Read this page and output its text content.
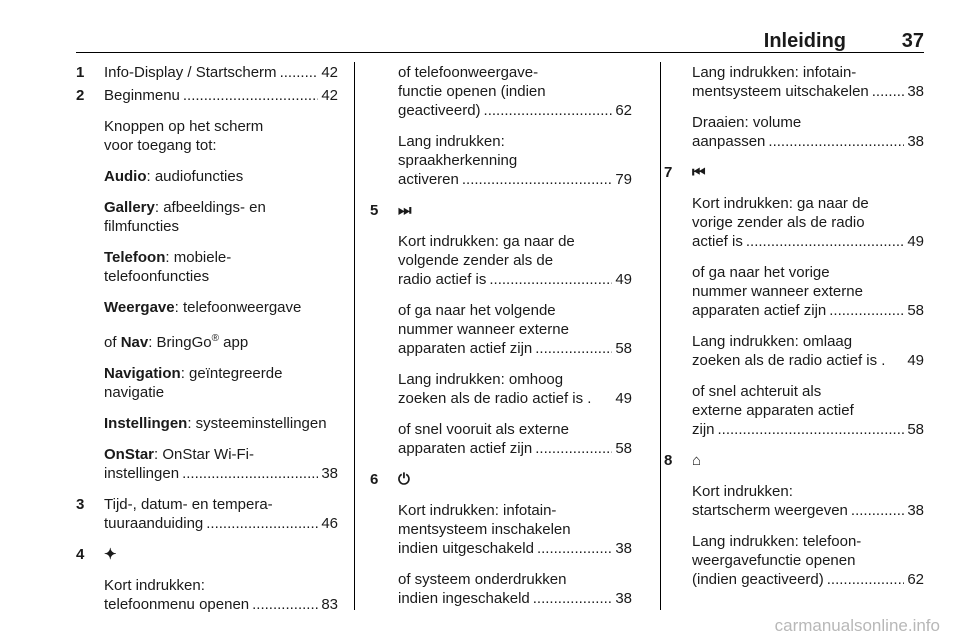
Inleiding	37
1 Info-Display / Startscherm .....	42
2 Beginmenu .....	42
Knoppen op het scherm
voor toegang tot:
Audio: audiofuncties
Gallery: afbeeldings- en
filmfuncties
Telefoon: mobiele-
telefoonfuncties
Weergave: telefoonweergave
of Nav: BringGo® app
Navigation: geïntegreerde
navigatie
Instellingen: systeeminstellingen
OnStar: OnStar Wi-Fi-
instellingen .....	38
3 Tijd-, datum- en tempera-
tuuraanduiding .....	46
4 ✦
Kort indrukken:
telefoonmenu openen .....	83
of telefoonweergave-
functie openen (indien
geactiveerd) .....	62
Lang indrukken:
spraakherkenning
activeren .....	79
5 ⏭
Kort indrukken: ga naar de
volgende zender als de
radio actief is .....	49
of ga naar het volgende
nummer wanneer externe
apparaten actief zijn .....	58
Lang indrukken: omhoog
zoeken als de radio actief is . 49
of snel vooruit als externe
apparaten actief zijn .....	58
6 ⏻
Kort indrukken: infotain-
mentsysteem inschakelen
indien uitgeschakeld .....	38
of systeem onderdrukken
indien ingeschakeld .....	38
Lang indrukken: infotain-
mentsysteem uitschakelen .....	38
Draaien: volume
aanpassen .....	38
7 ⏮
Kort indrukken: ga naar de
vorige zender als de radio
actief is .....	49
of ga naar het vorige
nummer wanneer externe
apparaten actief zijn .....	58
Lang indrukken: omlaag
zoeken als de radio actief is . 49
of snel achteruit als
externe apparaten actief
zijn .....	58
8 ⌂
Kort indrukken:
startscherm weergeven .....	38
Lang indrukken: telefoon-
weergavefunctie openen
(indien geactiveerd) .....	62
carmanualsonline.info
